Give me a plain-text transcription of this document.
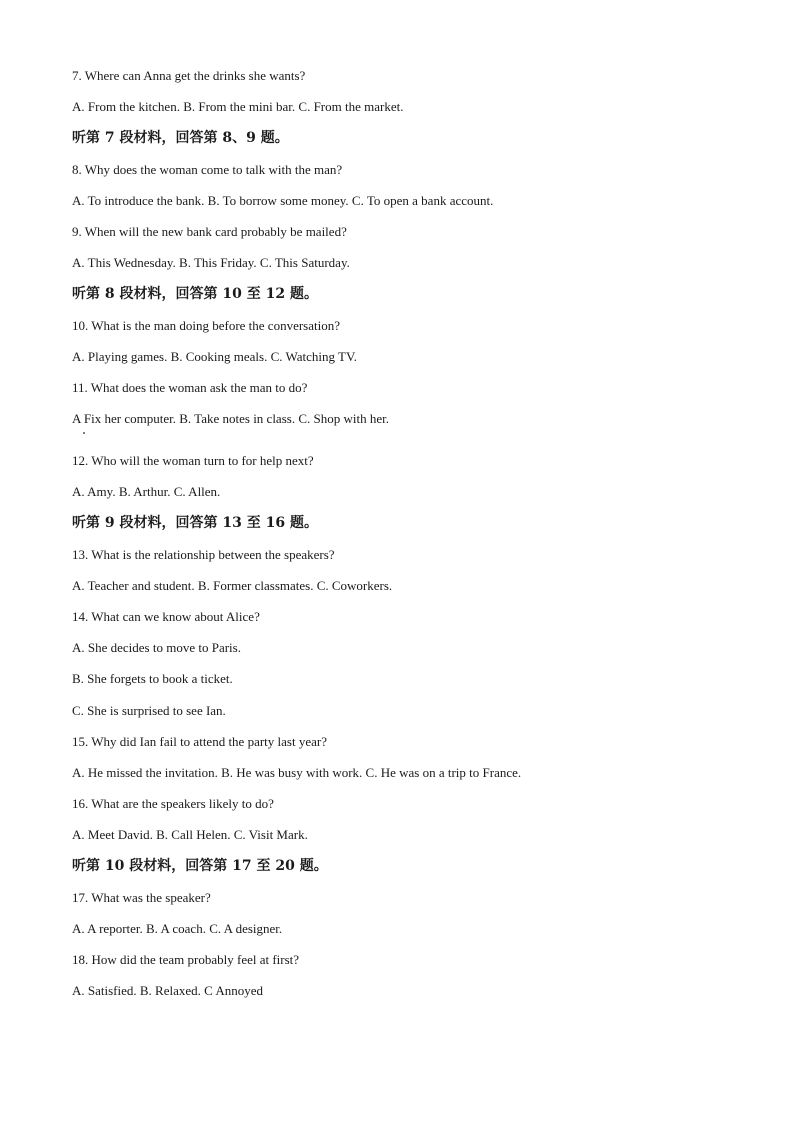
7. Where can Anna get the drinks she wants?
A. From the kitchen. B. From the mini bar. C. From the market.
听第 7 段材料，回答第 8、9 题。
8. Why does the woman come to talk with the man?
A. To introduce the bank. B. To borrow some money. C. To open a bank account.
9. When will the new bank card probably be mailed?
A. This Wednesday. B. This Friday. C. This Saturday.
听第 8 段材料，回答第 10 至 12 题。
10. What is the man doing before the conversation?
A. Playing games. B. Cooking meals. C. Watching TV.
11. What does the woman ask the man to do?
A Fix her computer. B. Take notes in class. C. Shop with her.
12. Who will the woman turn to for help next?
A. Amy. B. Arthur. C. Allen.
听第 9 段材料，回答第 13 至 16 题。
13. What is the relationship between the speakers?
A. Teacher and student. B. Former classmates. C. Coworkers.
14. What can we know about Alice?
A. She decides to move to Paris.
B. She forgets to book a ticket.
C. She is surprised to see Ian.
15. Why did Ian fail to attend the party last year?
A. He missed the invitation. B. He was busy with work. C. He was on a trip to France.
16. What are the speakers likely to do?
A. Meet David. B. Call Helen. C. Visit Mark.
听第 10 段材料，回答第 17 至 20 题。
17. What was the speaker?
A. A reporter. B. A coach. C. A designer.
18. How did the team probably feel at first?
A. Satisfied. B. Relaxed. C Annoyed
